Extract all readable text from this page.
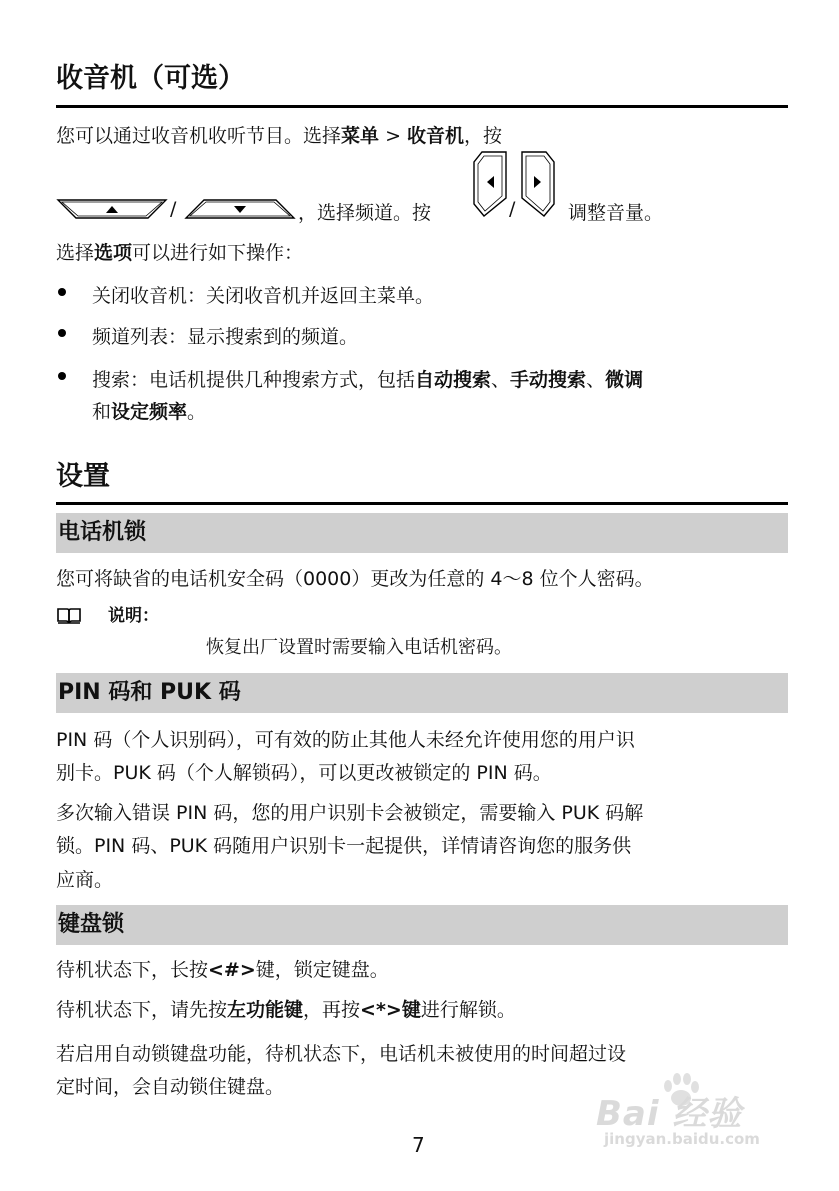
收音机（可选）

您可以通过收音机收听节目。选择菜单 > 收音机，按

/	，选择频道。按	/	调整音量。

选择选项可以进行如下操作：

关闭收音机：关闭收音机并返回主菜单。

频道列表：显示搜索到的频道。

搜索：电话机提供几种搜索方式，包括自动搜索、手动搜索、微调

和设定频率。

设置
电话机锁

您可将缺省的电话机安全码（0000）更改为任意的 4～8 位个人密码。

说明：
恢复出厂设置时需要输入电话机密码。
PIN 码和 PUK 码

PIN 码（个人识别码），可有效的防止其他人未经允许使用您的用户识

别卡。PUK 码（个人解锁码），可以更改被锁定的 PIN 码。

多次输入错误 PIN 码，您的用户识别卡会被锁定，需要输入 PUK 码解

锁。PIN 码、PUK 码随用户识别卡一起提供，详情请咨询您的服务供

应商。

键盘锁

待机状态下，长按<#>键，锁定键盘。

待机状态下，请先按左功能键，再按<*>键进行解锁。

若启用自动锁键盘功能，待机状态下，电话机未被使用的时间超过设

定时间，会自动锁住键盘。

7
Bai 经验
jingyan.baidu.com
